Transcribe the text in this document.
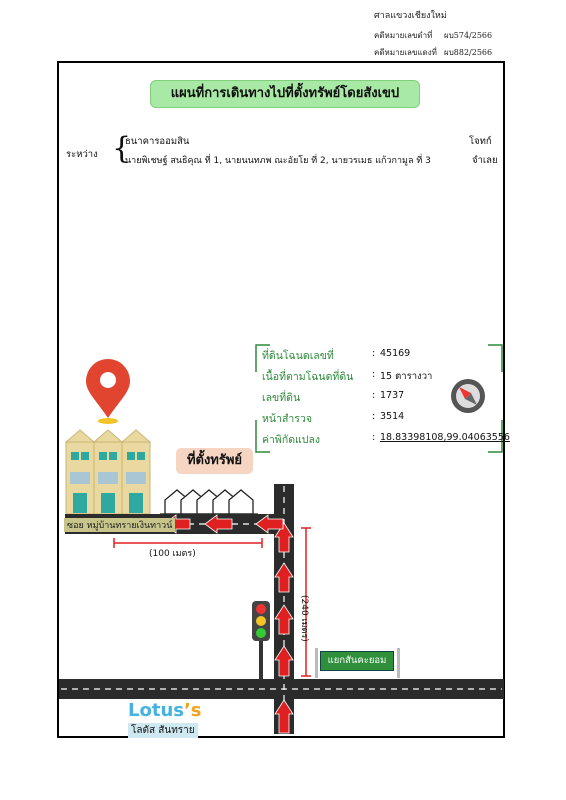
ศาลแขวงเชียงใหม่
คดีหมายเลขดำที่ ผบ574/2566
คดีหมายเลขแดงที่ ผบ882/2566
แผนที่การเดินทางไปที่ตั้งทรัพย์โดยสังเขป
ระหว่าง {
ธนาคารออมสิน	โจทก์
นายพิเชษฐ์ สนธิคุณ ที่ 1, นายนนทภพ ณะอัยโย ที่ 2, นายวรเมธ แก้วกามูล ที่ 3	จำเลย
ที่ดินโฉนดเลขที่	: 45169
เนื้อที่ตามโฉนดที่ดิน : 15 ตารางวา
เลขที่ดิน	: 1737
หน้าสำรวจ	: 3514
ค่าพิกัดแปลง	: 18.83398108,99.04063556
ที่ตั้งทรัพย์
ซอย หมู่บ้านทรายเงินทาวน์
(100 เมตร)
(240 เมตร)
แยกสันคะยอม
Lotus’s
โลตัส สันทราย
